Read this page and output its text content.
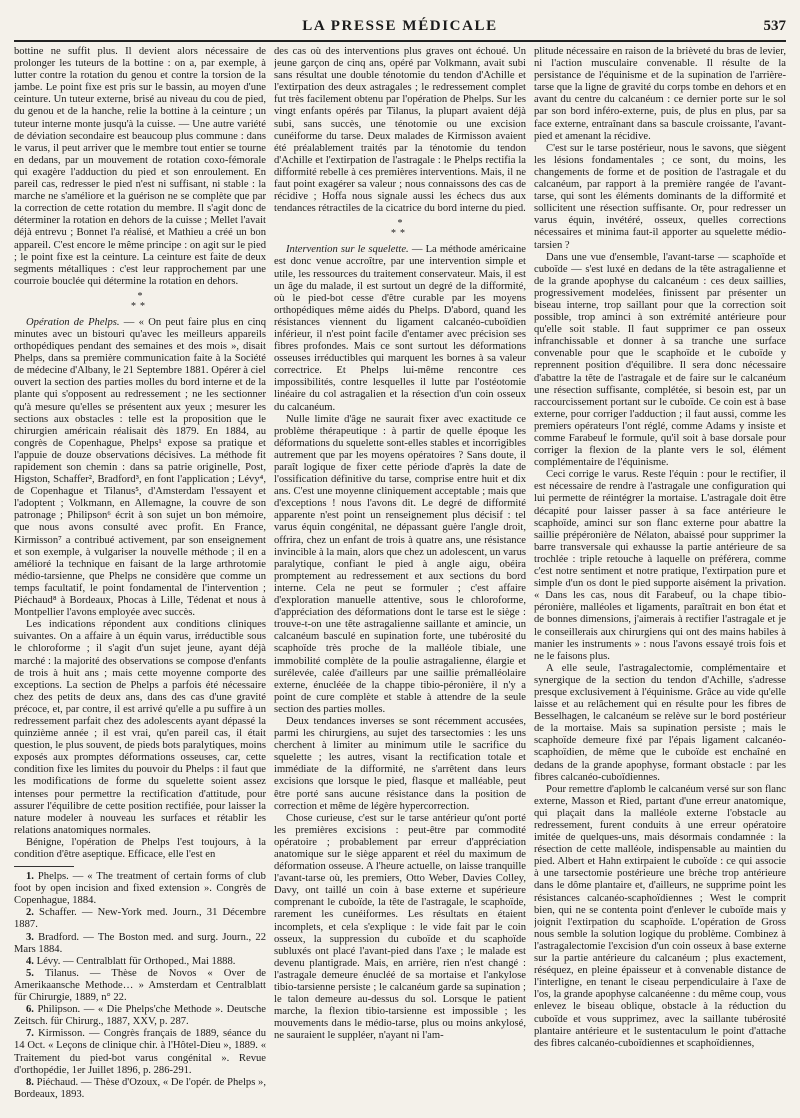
LA PRESSE MÉDICALE	537

bottine ne suffit plus. Il devient alors nécessaire de prolonger les tuteurs de la bottine : on a, par exemple, à lutter contre la rotation du genou et contre la torsion de la jambe. Le point fixe est pris sur le bassin, au moyen d'une ceinture. Un tuteur externe, brisé au niveau du cou de pied, du genou et de la hanche, relie la bottine à la ceinture ; un tuteur interne monte jusqu'à la cuisse. — Une autre variété de déviation secondaire est beaucoup plus commune : dans le varus, il peut arriver que le membre tout entier se tourne en dedans, par un mouvement de rotation coxo-fémorale qui exagère l'adduction du pied et son enroulement. En pareil cas, redresser le pied n'est ni suffisant, ni stable : la marche ne s'améliore et la guérison ne se complète que par la correction de cette rotation du membre. Il s'agit donc de déterminer la rotation en dehors de la cuisse ; Mellet l'avait déjà entrevu ; Bonnet l'a réalisé, et Mathieu a créé un bon appareil. C'est encore le même principe : on agit sur le pied ; le point fixe est la ceinture. La ceinture est faite de deux segments métalliques : c'est leur rapprochement par une courroie bouclée qui détermine la rotation en dehors.

*
**

Opération de Phelps. — « On peut faire plus en cinq minutes avec un bistouri qu'avec les meilleurs appareils orthopédiques pendant des semaines et des mois », disait Phelps, dans sa première communication faite à la Société de médecine d'Albany, le 21 Septembre 1881. Opérer à ciel ouvert la section des parties molles du bord interne et de la plante qui s'opposent au redressement ; ne les sectionner qu'à mesure qu'elles se présentent aux yeux ; mesurer les sections aux obstacles : telle est la proposition que le chirurgien américain réalisait dès 1879. En 1884, au congrès de Copenhague, Phelps¹ expose sa pratique et l'appuie de douze observations décisives. La méthode fit rapidement son chemin : dans sa patrie originelle, Post, Higston, Schaffer², Bradford³, en font l'application ; Lévy⁴, de Copenhague et Tilanus⁵, d'Amsterdam l'essayent et l'adoptent ; Volkmann, en Allemagne, la couvre de son patronage ; Philipson⁶ écrit à son sujet un bon mémoire, que nous avons consulté avec profit. En France, Kirmisson⁷ a contribué activement, par son enseignement et son exemple, à vulgariser la nouvelle méthode ; il en a amélioré la technique en faisant de la large arthrotomie médio-tarsienne, que Phelps ne considère que comme un temps facultatif, le point fondamental de l'intervention ; Piéchaud⁸ à Bordeaux, Phocas à Lille, Tédenat et nous à Montpellier l'avons employée avec succès.

Les indications répondent aux conditions cliniques suivantes. On a affaire à un équin varus, irréductible sous le chloroforme ; il s'agit d'un sujet jeune, ayant déjà marché : la majorité des observations se compose d'enfants de trois à huit ans ; mais cette moyenne comporte des exceptions. La section de Phelps a parfois été nécessaire chez des petits de deux ans, dans des cas d'une gravité précoce, et, par contre, il est arrivé qu'elle a pu suffire à un redressement parfait chez des adolescents ayant dépassé la quinzième année ; il est vrai, qu'en pareil cas, il était question, le plus souvent, de pieds bots paralytiques, moins exposés aux promptes déformations osseuses, car, cette condition fixe les limites du pouvoir du Phelps : il faut que les modifications de forme du squelette soient assez intenses pour permettre la rectification d'attitude, pour assurer l'équilibre de cette position rectifiée, pour laisser la nature modeler à nouveau les surfaces et rétablir les relations anatomiques normales.

Bénigne, l'opération de Phelps l'est toujours, à la condition d'être aseptique. Efficace, elle l'est en

1. Phelps. — « The treatment of certain forms of club foot by open incision and fixed extension ». Congrès de Copenhague, 1884.

2. Schaffer. — New-York med. Journ., 31 Décembre 1887.

3. Bradford. — The Boston med. and surg. Journ., 22 Mars 1884.

4. Lévy. — Centralblatt für Orthoped., Mai 1888.

5. Tilanus. — Thèse de Novos « Over de Amerikaansche Methode… » Amsterdam et Centralblatt für Chirurgie, 1889, n° 22.

6. Philipson. — « Die Phelps'che Methode ». Deutsche Zeitsch. für Chirurg., 1887, XXV, p. 287.

7. Kirmisson. — Congrès français de 1889, séance du 14 Oct. « Leçons de clinique chir. à l'Hôtel-Dieu », 1889. « Traitement du pied-bot varus congénital ». Revue d'orthopédie, 1er Juillet 1896, p. 286-291.

8. Piéchaud. — Thèse d'Ozoux, « De l'opér. de Phelps », Bordeaux, 1893.

des cas où des interventions plus graves ont échoué. Un jeune garçon de cinq ans, opéré par Volkmann, avait subi sans résultat une double ténotomie du tendon d'Achille et l'extirpation des deux astragales ; le redressement complet fut très facilement obtenu par l'opération de Phelps. Sur les vingt enfants opérés par Tilanus, la plupart avaient déjà subi, sans succès, une ténotomie ou une excision cunéiforme du tarse. Deux malades de Kirmisson avaient été préalablement traités par la ténotomie du tendon d'Achille et l'extirpation de l'astragale : le Phelps rectifia la difformité rebelle à ces premières interventions. Mais, il ne faut point exagérer sa valeur ; nous connaissons des cas de récidive ; Hoffa nous signale aussi les échecs dus aux tendances rétractiles de la cicatrice du bord interne du pied.

*
**

Intervention sur le squelette. — La méthode américaine est donc venue accroître, par une intervention simple et utile, les ressources du traitement conservateur. Mais, il est un âge du malade, il est surtout un degré de la difformité, où le pied-bot cesse d'être curable par les moyens orthopédiques même aidés du Phelps. D'abord, quand les résistances viennent du ligament calcanéo-cuboïdien inférieur, il n'est point facile d'entamer avec précision ses fibres profondes. Mais ce sont surtout les déformations osseuses irréductibles qui marquent les bornes à sa valeur correctrice. Et Phelps lui-même rencontre ces impossibilités, contre lesquelles il lutte par l'ostéotomie linéaire du col astragalien et la résection d'un coin osseux du calcanéum.

Nulle limite d'âge ne saurait fixer avec exactitude ce problème thérapeutique : à partir de quelle époque les déformations du squelette sont-elles stables et incorrigibles autrement que par les moyens opératoires ? Sans doute, il paraît logique de fixer cette période d'après la date de l'ossification définitive du tarse, comprise entre huit et dix ans. C'est une moyenne cliniquement acceptable ; mais que d'exceptions ! nous l'avons dit. Le degré de difformité apparente n'est point un renseignement plus décisif : tel varus équin congénital, ne dépassant guère l'angle droit, offrira, chez un enfant de trois à quatre ans, une résistance invincible à la main, alors que chez un adolescent, un varus paralytique, confiant le pied à angle aigu, obéira promptement au redressement et aux sections du bord interne. Cela ne peut se formuler ; c'est affaire d'exploration manuelle attentive, sous le chloroforme, d'appréciation des déformations dont le tarse est le siège : trouve-t-on une tête astragalienne saillante et amincie, un calcanéum basculé en supination forte, une tubérosité du scaphoïde très proche de la malléole tibiale, une immobilité complète de la poulie astragalienne, élargie et surélevée, calée d'ailleurs par une saillie prémalléolaire externe, énucléée de la chappe tibio-péronière, il n'y a point de cure complète et stable à attendre de la seule section des parties molles.

Deux tendances inverses se sont récemment accusées, parmi les chirurgiens, au sujet des tarsectomies : les uns cherchent à limiter au minimum utile le sacrifice du squelette ; les autres, visant la rectification totale et immédiate de la difformité, ne s'arrêtent dans leurs excisions que lorsque le pied, flasque et malléable, peut être porté sans aucune résistance dans la position de correction et même de légère hypercorrection.

Chose curieuse, c'est sur le tarse antérieur qu'ont porté les premières excisions : peut-être par commodité opératoire ; probablement par erreur d'appréciation anatomique sur le siège apparent et réel du maximum de déformation osseuse. A l'heure actuelle, on laisse tranquille l'avant-tarse où, les premiers, Otto Weber, Davies Colley, Davy, ont taillé un coin à base externe et supérieure comprenant le cuboïde, la tête de l'astragale, le scaphoïde, rarement les cunéiformes. Les résultats en étaient incomplets, et cela s'explique : le vide fait par le coin osseux, la suppression du cuboïde et du scaphoïde subluxés ont placé l'avant-pied dans l'axe ; le malade est devenu plantigrade. Mais, en arrière, rien n'est changé : l'astragale demeure énucléé de sa mortaise et l'ankylose tibio-tarsienne persiste ; le calcanéum garde sa supination ; le talon demeure au-dessus du sol. Lorsque le patient marche, la flexion tibio-tarsienne est impossible ; les mouvements dans le médio-tarse, plus ou moins ankylosé, ne sauraient le suppléer, n'ayant ni l'am-

plitude nécessaire en raison de la brièveté du bras de levier, ni l'action musculaire convenable. Il résulte de la persistance de l'équinisme et de la supination de l'arrière-tarse que la ligne de gravité du corps tombe en dehors et en avant du centre du calcanéum : ce dernier porte sur le sol par son bord inféro-externe, puis, de plus en plus, par sa face externe, entraînant dans sa bascule croissante, l'avant-pied et amenant la récidive.

C'est sur le tarse postérieur, nous le savons, que siègent les lésions fondamentales ; ce sont, du moins, les changements de forme et de position de l'astragale et du calcanéum, par rapport à la première rangée de l'avant-tarse, qui sont les éléments dominants de la difformité et sollicitent une résection suffisante. Or, pour redresser un varus équin, invétéré, osseux, quelles corrections nécessaires et minima faut-il apporter au squelette médio-tarsien ?

Dans une vue d'ensemble, l'avant-tarse — scaphoïde et cuboïde — s'est luxé en dedans de la tête astragalienne et de la grande apophyse du calcanéum : ces deux saillies, progressivement modelées, finissent par présenter un biseau interne, trop saillant pour que la correction soit possible, trop aminci à son extrémité antérieure pour qu'elle soit stable. Il faut supprimer ce pan osseux infranchissable et donner à sa tranche une surface convenable pour que le scaphoïde et le cuboïde y reprennent position d'équilibre. Il sera donc nécessaire d'abattre la tête de l'astragale et de faire sur le calcanéum une résection suffisante, complétée, si besoin est, par un raccourcissement portant sur le cuboïde. Ce coin est à base externe, pour corriger l'adduction ; il faut aussi, comme les premiers opérateurs l'ont réglé, comme Adams y insiste et comme Farabeuf le formule, qu'il soit à base dorsale pour corriger la flexion de la plante vers le sol, élément complémentaire de l'équinisme.

Ceci corrige le varus. Reste l'équin : pour le rectifier, il est nécessaire de rendre à l'astragale une configuration qui lui permette de réintégrer la mortaise. L'astragale doit être décapité pour laisser passer à sa face antérieure le scaphoïde, aminci sur son flanc externe pour abattre la saillie prépéronière de Nélaton, abaissé pour supprimer la barre transversale qui exhausse la partie antérieure de sa trochlée : triple retouche à laquelle on préférera, comme c'est notre sentiment et notre pratique, l'extirpation pure et simple d'un os dont le pied supporte aisément la privation. « Dans les cas, nous dit Farabeuf, ou la chape tibio-péronière, malléoles et ligaments, paraîtrait en bon état et de bonnes dimensions, j'aimerais à rectifier l'astragale et je le conseillerais aux chirurgiens qui ont des mains habiles à manier les instruments » : nous l'avons essayé trois fois et ne le faisons plus.

A elle seule, l'astragalectomie, complémentaire et synergique de la section du tendon d'Achille, s'adresse presque exclusivement à l'équinisme. Grâce au vide qu'elle laisse et au relâchement qui en résulte pour les fibres de Besselhagen, le calcanéum se relève sur le bord postérieur de la mortaise. Mais sa supination persiste ; mais le scaphoïde demeure fixé par l'épais ligament calcanéo-scaphoïdien, de même que le cuboïde est enchaîné en dedans de la grande apophyse, formant obstacle : par les fibres calcanéo-cuboïdiennes.

Pour remettre d'aplomb le calcanéum versé sur son flanc externe, Masson et Ried, partant d'une erreur anatomique, qui plaçait dans la malléole externe l'obstacle au redressement, furent conduits à une erreur opératoire imitée de quelques-uns, mais désormais condamnée : la résection de cette malléole, indispensable au maintien du pied. Albert et Hahn extirpaient le cuboïde : ce qui associe à une tarsectomie postérieure une brèche trop antérieure dans le dôme plantaire et, d'ailleurs, ne supprime point les résistances calcanéo-scaphoïdiennes ; West le comprit bien, qui ne se contenta point d'enlever le cuboïde mais y joignit l'extirpation du scaphoïde. L'opération de Gross nous semble la solution logique du problème. Combinez à l'astragalectomie l'excision d'un coin osseux à base externe sur la partie antérieure du calcanéum ; plus exactement, réséquez, en pleine épaisseur et à convenable distance de l'interligne, en tenant le ciseau perpendiculaire à l'axe de l'os, la grande apophyse calcanéenne : du même coup, vous enlevez le biseau oblique, obstacle à la réduction du cuboïde et vous supprimez, avec la saillante tubérosité plantaire antérieure et le sustentaculum le point d'attache des fibres calcanéo-cuboïdiennes et scaphoïdiennes,
